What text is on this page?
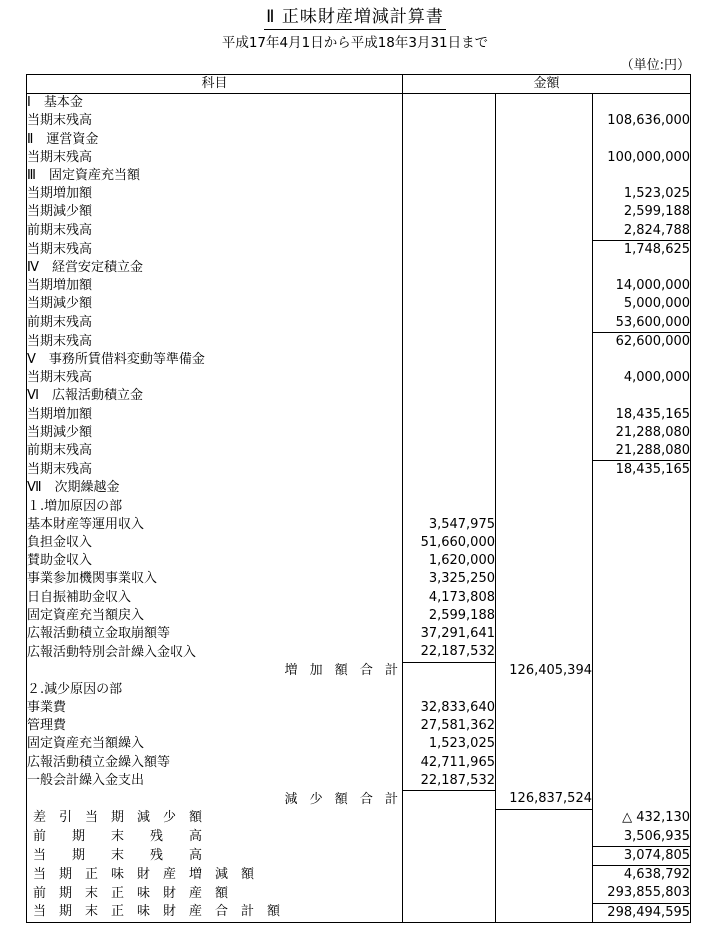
Ⅱ 正味財産増減計算書
平成17年4月1日から平成18年3月31日まで
（単位:円）
科目	金額		
Ⅰ　基本金			
当期末残高			108,636,000
Ⅱ　運営資金			
当期末残高			100,000,000
Ⅲ　固定資産充当額			
当期増加額			1,523,025
当期減少額			2,599,188
前期末残高			2,824,788
当期末残高			1,748,625
Ⅳ　経営安定積立金			
当期増加額			14,000,000
当期減少額			5,000,000
前期末残高			53,600,000
当期末残高			62,600,000
Ⅴ　事務所賃借料変動等準備金			
当期末残高			4,000,000
Ⅵ　広報活動積立金			
当期増加額			18,435,165
当期減少額			21,288,080
前期末残高			21,288,080
当期末残高			18,435,165
Ⅶ　次期繰越金			
１.増加原因の部			
基本財産等運用収入	3,547,975		
負担金収入	51,660,000		
賛助金収入	1,620,000		
事業参加機関事業収入	3,325,250		
日自振補助金収入	4,173,808		
固定資産充当額戻入	2,599,188		
広報活動積立金取崩額等	37,291,641		
広報活動特別会計繰入金収入	22,187,532		
増 加 額 合 計		126,405,394	
２.減少原因の部			
事業費	32,833,640		
管理費	27,581,362		
固定資産充当額繰入	1,523,025		
広報活動積立金繰入額等	42,711,965		
一般会計繰入金支出	22,187,532		
減 少 額 合 計		126,837,524	
差　引　当　期　減　少　額			△ 432,130
前　　期　　末　　残　　高			3,506,935
当　　期　　末　　残　　高			3,074,805
当　期　正　味　財　産　増　減　額			4,638,792
前　期　末　正　味　財　産　額			293,855,803
当　期　末　正　味　財　産　合　計　額			298,494,595
